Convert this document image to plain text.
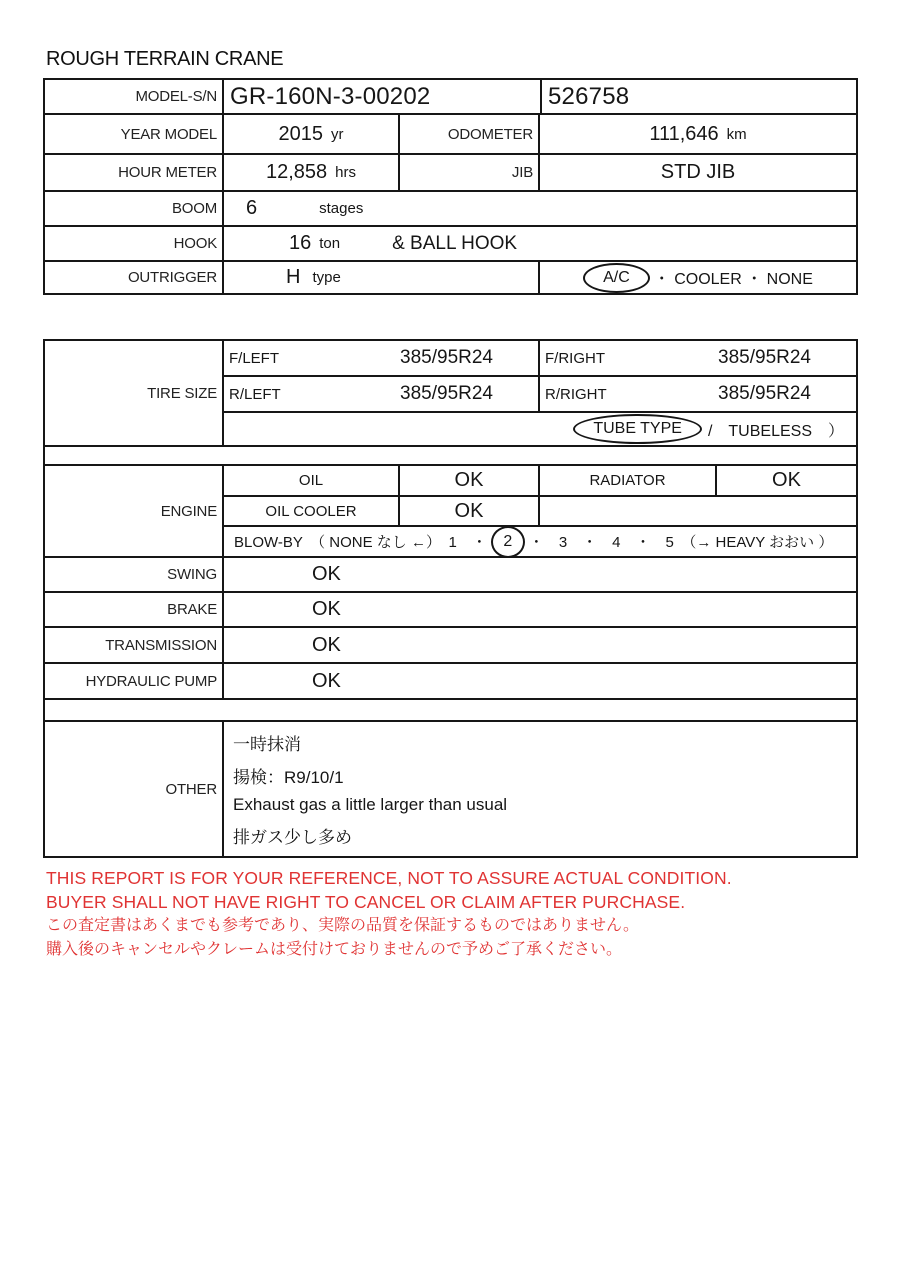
ROUGH TERRAIN CRANE
MODEL-S/N GR-160N-3-00202	526758
YEAR MODEL	2015 yr	ODOMETER	111,646 km
HOUR METER	12,858 hrs	JIB	STD JIB
BOOM	6	stages
HOOK	16 ton	& BALL HOOK
OUTRIGGER	H type	A/C	・ COOLER ・ NONE
TIRE SIZE
F/LEFT	385/95R24	F/RIGHT	385/95R24
R/LEFT	385/95R24	R/RIGHT	385/95R24
TUBE TYPE	/　TUBELESS　）
ENGINE
OIL	OK	RADIATOR	OK
OIL COOLER	OK
BLOW-BY　（ NONE なし ←）　1　・	2	・　3　・　4　・　5　（→ HEAVY おおい ）
SWING	OK
BRAKE	OK
TRANSMISSION	OK
HYDRAULIC PUMP	OK
OTHER
一時抹消
揚検：R9/10/1
Exhaust gas a little larger than usual
排ガス少し多め
THIS REPORT IS FOR YOUR REFERENCE, NOT TO ASSURE ACTUAL CONDITION.
BUYER SHALL NOT HAVE RIGHT TO CANCEL OR CLAIM AFTER PURCHASE.
この査定書はあくまでも参考であり、実際の品質を保証するものではありません。
購入後のキャンセルやクレームは受付けておりませんので予めご了承ください。
